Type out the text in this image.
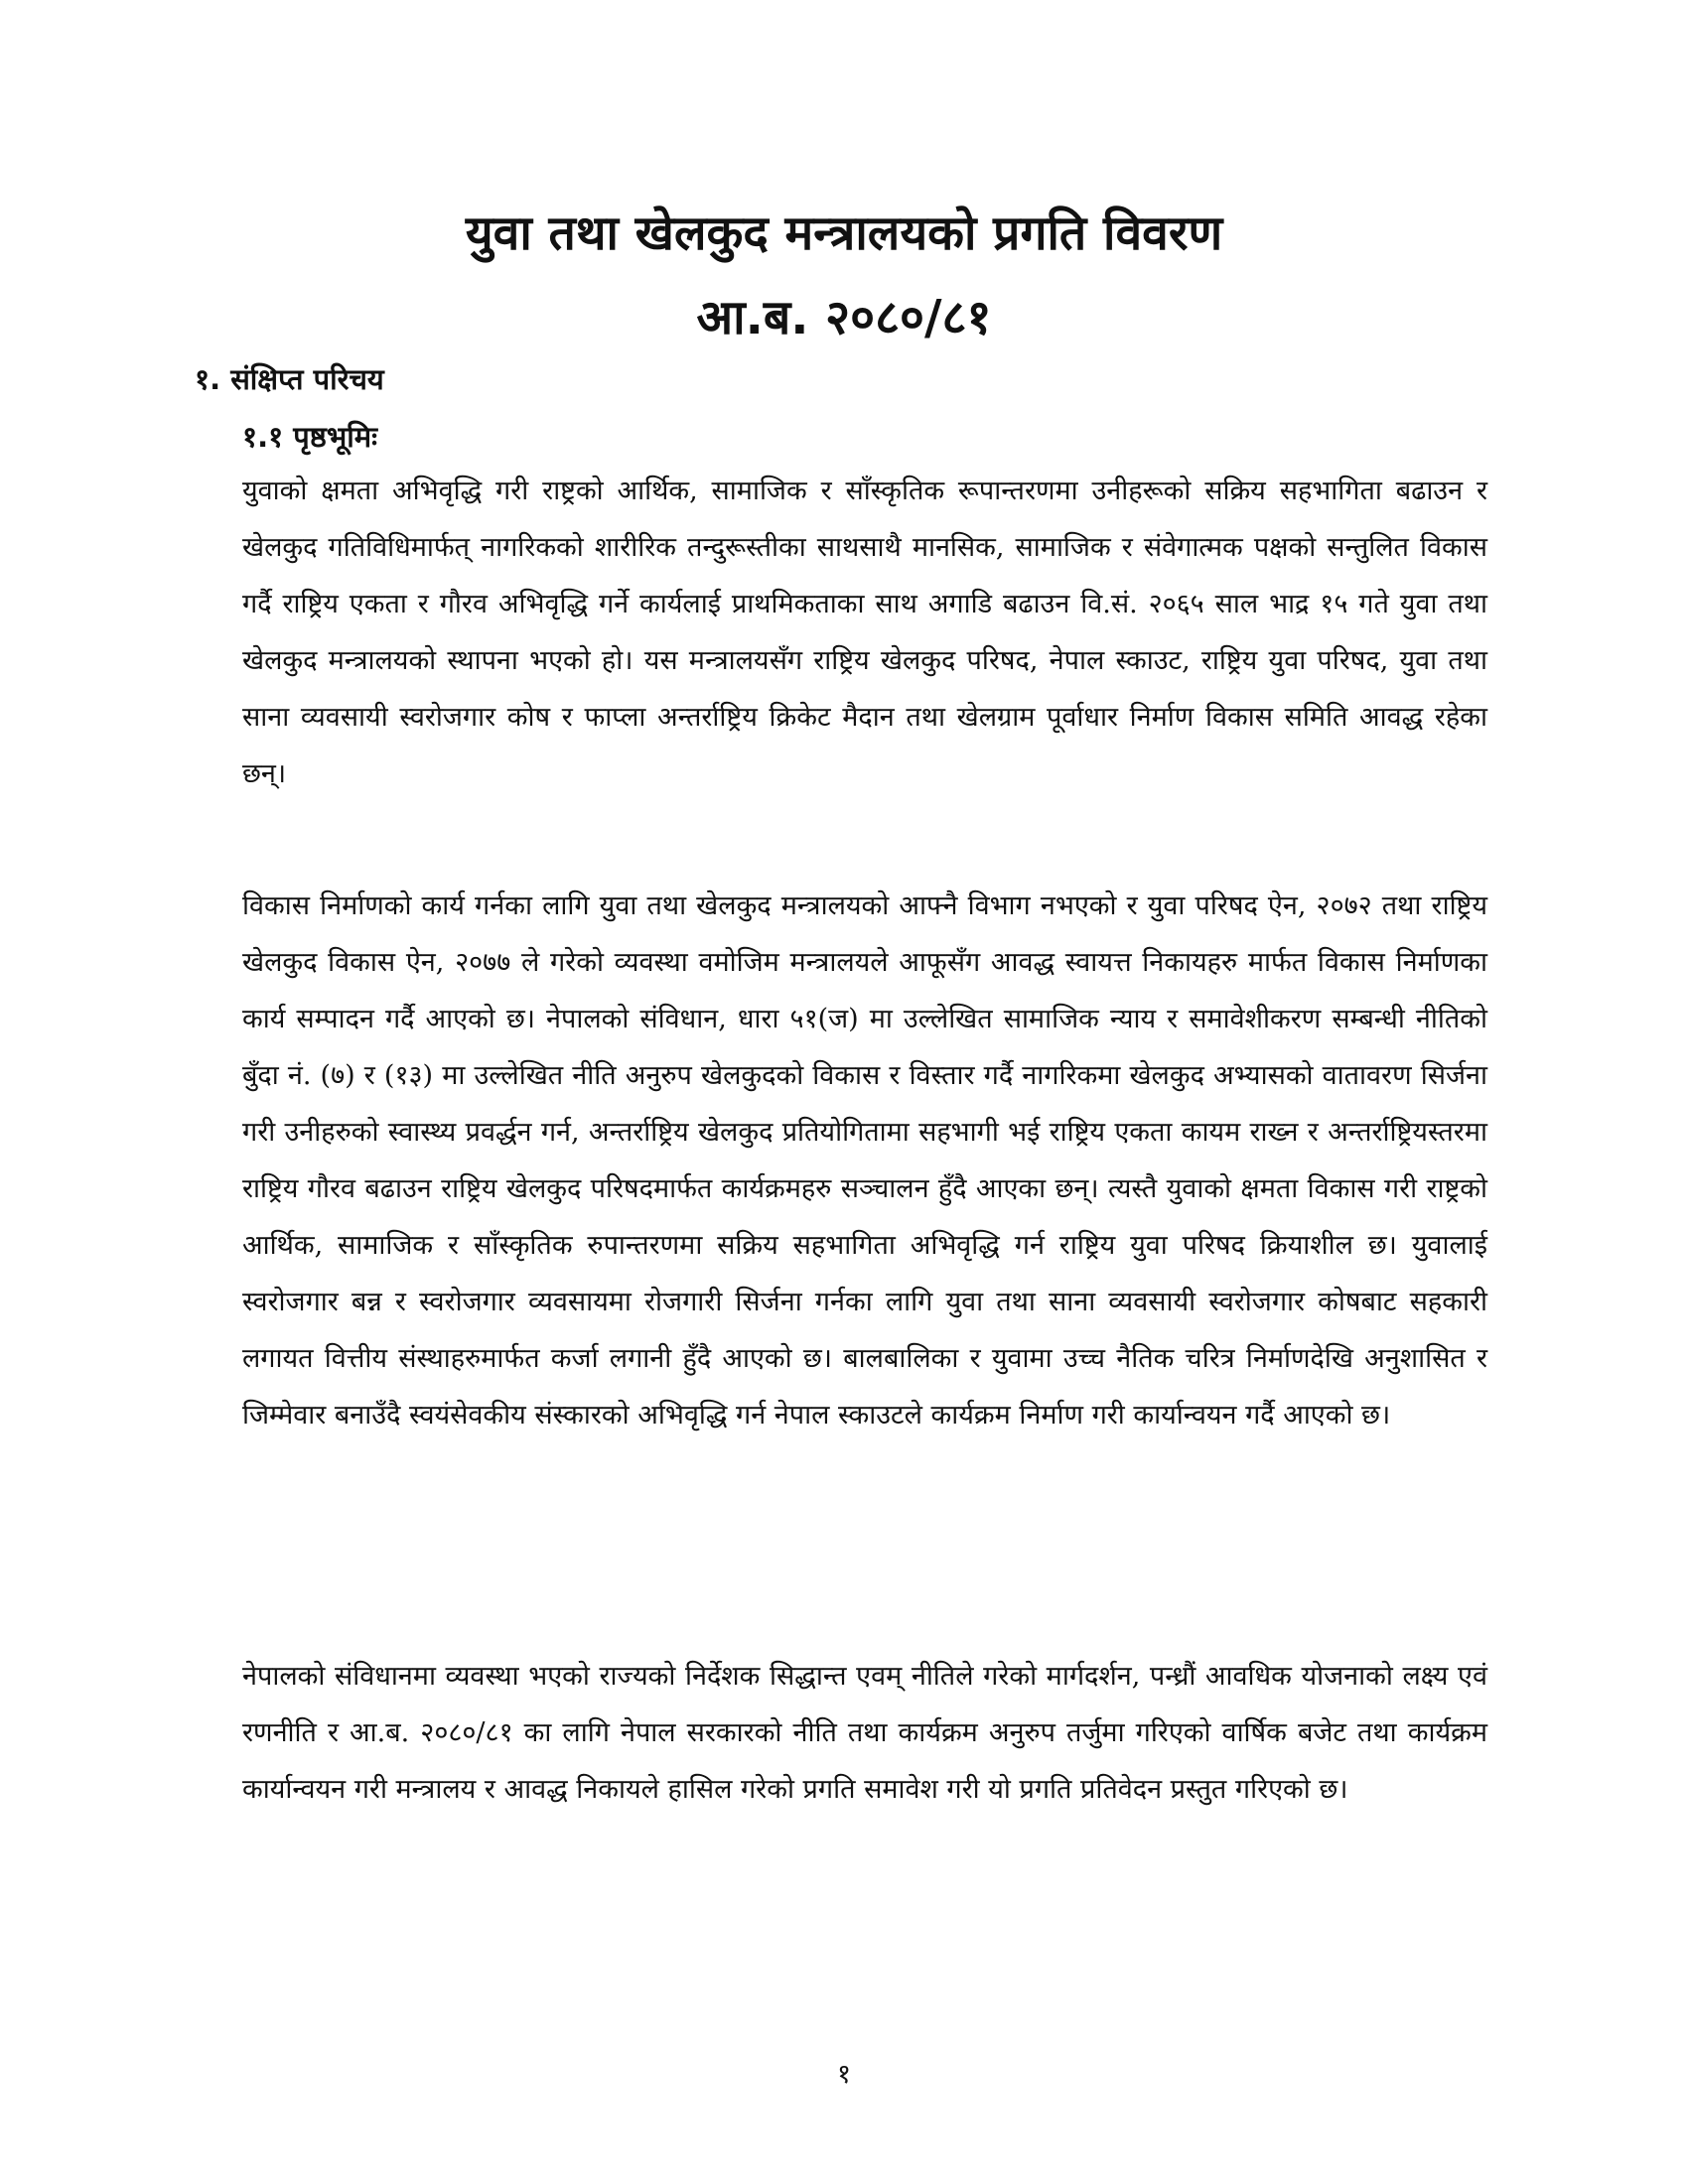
युवा तथा खेलकुद मन्त्रालयको प्रगति विवरण
आ.ब. २०८०/८१
१. संक्षिप्त परिचय
१.१ पृष्ठभूमिः

युवाको क्षमता अभिवृद्धि गरी राष्ट्रको आर्थिक, सामाजिक र साँस्कृतिक रूपान्तरणमा उनीहरूको सक्रिय सहभागिता बढाउन र खेलकुद गतिविधिमार्फत् नागरिकको शारीरिक तन्दुरूस्तीका साथसाथै मानसिक, सामाजिक र संवेगात्मक पक्षको सन्तुलित विकास गर्दै राष्ट्रिय एकता र गौरव अभिवृद्धि गर्ने कार्यलाई प्राथमिकताका साथ अगाडि बढाउन वि.सं. २०६५ साल भाद्र १५ गते युवा तथा खेलकुद मन्त्रालयको स्थापना भएको हो। यस मन्त्रालयसँग राष्ट्रिय खेलकुद परिषद, नेपाल स्काउट, राष्ट्रिय युवा परिषद, युवा तथा साना व्यवसायी स्वरोजगार कोष र फाप्ला अन्तर्राष्ट्रिय क्रिकेट मैदान तथा खेलग्राम पूर्वाधार निर्माण विकास समिति आवद्ध रहेका छन्।

विकास निर्माणको कार्य गर्नका लागि युवा तथा खेलकुद मन्त्रालयको आफ्नै विभाग नभएको र युवा परिषद ऐन, २०७२ तथा राष्ट्रिय खेलकुद विकास ऐन, २०७७ ले गरेको व्यवस्था वमोजिम मन्त्रालयले आफूसँग आवद्ध स्वायत्त निकायहरु मार्फत विकास निर्माणका कार्य सम्पादन गर्दै आएको छ। नेपालको संविधान, धारा ५१(ज) मा उल्लेखित सामाजिक न्याय र समावेशीकरण सम्बन्धी नीतिको बुँदा नं. (७) र (१३) मा उल्लेखित नीति अनुरुप खेलकुदको विकास र विस्तार गर्दै नागरिकमा खेलकुद अभ्यासको वातावरण सिर्जना गरी उनीहरुको स्वास्थ्य प्रवर्द्धन गर्न, अन्तर्राष्ट्रिय खेलकुद प्रतियोगितामा सहभागी भई राष्ट्रिय एकता कायम राख्न र अन्तर्राष्ट्रियस्तरमा राष्ट्रिय गौरव बढाउन राष्ट्रिय खेलकुद परिषदमार्फत कार्यक्रमहरु सञ्चालन हुँदै आएका छन्। त्यस्तै युवाको क्षमता विकास गरी राष्ट्रको आर्थिक, सामाजिक र साँस्कृतिक रुपान्तरणमा सक्रिय सहभागिता अभिवृद्धि गर्न राष्ट्रिय युवा परिषद क्रियाशील छ। युवालाई स्वरोजगार बन्न र स्वरोजगार व्यवसायमा रोजगारी सिर्जना गर्नका लागि युवा तथा साना व्यवसायी स्वरोजगार कोषबाट सहकारी लगायत वित्तीय संस्थाहरुमार्फत कर्जा लगानी हुँदै आएको छ। बालबालिका र युवामा उच्च नैतिक चरित्र निर्माणदेखि अनुशासित र जिम्मेवार बनाउँदै स्वयंसेवकीय संस्कारको अभिवृद्धि गर्न नेपाल स्काउटले कार्यक्रम निर्माण गरी कार्यान्वयन गर्दै आएको छ।

नेपालको संविधानमा व्यवस्था भएको राज्यको निर्देशक सिद्धान्त एवम् नीतिले गरेको मार्गदर्शन, पन्ध्रौं आवधिक योजनाको लक्ष्य एवं रणनीति र आ.ब. २०८०/८१ का लागि नेपाल सरकारको नीति तथा कार्यक्रम अनुरुप तर्जुमा गरिएको वार्षिक बजेट तथा कार्यक्रम कार्यान्वयन गरी मन्त्रालय र आवद्ध निकायले हासिल गरेको प्रगति समावेश गरी यो प्रगति प्रतिवेदन प्रस्तुत गरिएको छ।

१
